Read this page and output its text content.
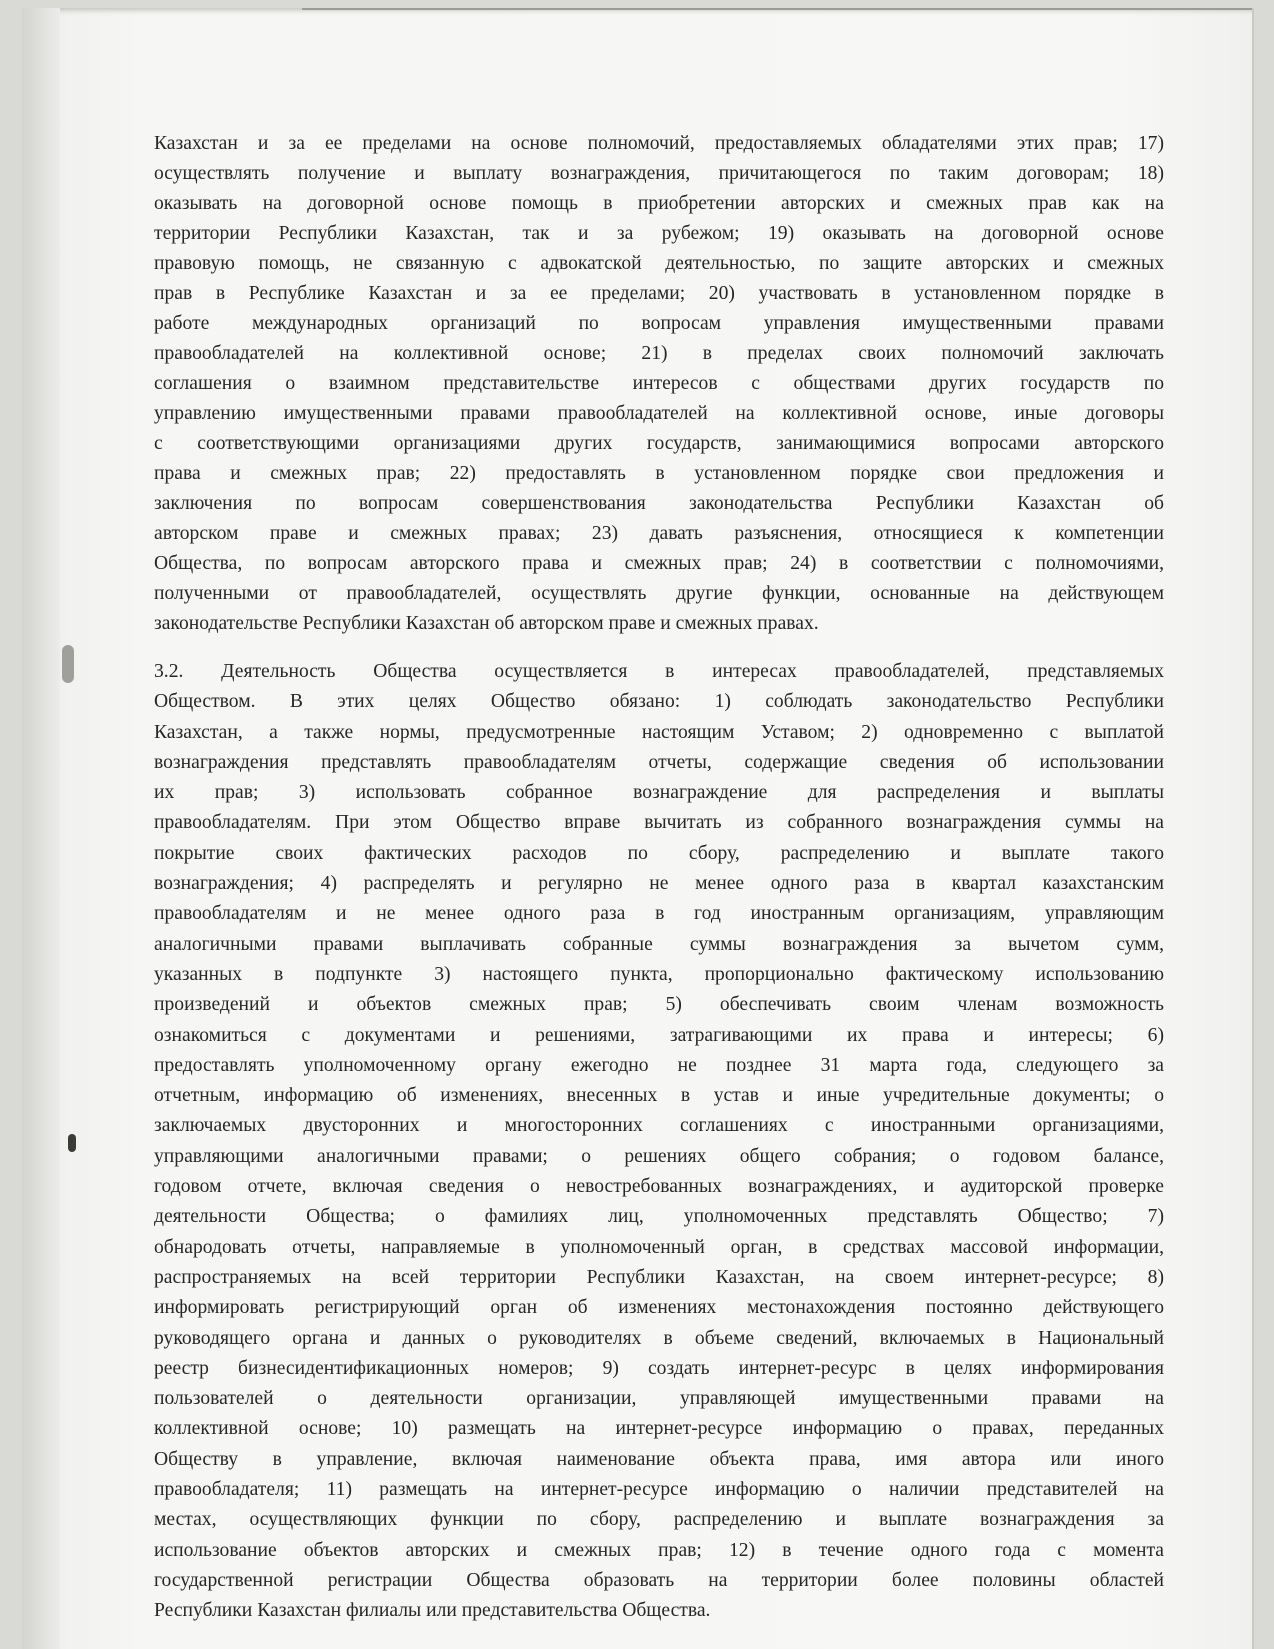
Казахстан и за ее пределами на основе полномочий, предоставляемых обладателями этих прав; 17)
осуществлять получение и выплату вознаграждения, причитающегося по таким договорам; 18)
оказывать на договорной основе помощь в приобретении авторских и смежных прав как на
территории Республики Казахстан, так и за рубежом; 19) оказывать на договорной основе
правовую помощь, не связанную с адвокатской деятельностью, по защите авторских и смежных
прав в Республике Казахстан и за ее пределами; 20) участвовать в установленном порядке в
работе международных организаций по вопросам управления имущественными правами
правообладателей на коллективной основе; 21) в пределах своих полномочий заключать
соглашения о взаимном представительстве интересов с обществами других государств по
управлению имущественными правами правообладателей на коллективной основе, иные договоры
с соответствующими организациями других государств, занимающимися вопросами авторского
права и смежных прав; 22) предоставлять в установленном порядке свои предложения и
заключения по вопросам совершенствования законодательства Республики Казахстан об
авторском праве и смежных правах; 23) давать разъяснения, относящиеся к компетенции
Общества, по вопросам авторского права и смежных прав; 24) в соответствии с полномочиями,
полученными от правообладателей, осуществлять другие функции, основанные на действующем
законодательстве Республики Казахстан об авторском праве и смежных правах.
3.2. Деятельность Общества осуществляется в интересах правообладателей, представляемых
Обществом. В этих целях Общество обязано: 1) соблюдать законодательство Республики
Казахстан, а также нормы, предусмотренные настоящим Уставом; 2) одновременно с выплатой
вознаграждения представлять правообладателям отчеты, содержащие сведения об использовании
их прав; 3) использовать собранное вознаграждение для распределения и выплаты
правообладателям. При этом Общество вправе вычитать из собранного вознаграждения суммы на
покрытие своих фактических расходов по сбору, распределению и выплате такого
вознаграждения; 4) распределять и регулярно не менее одного раза в квартал казахстанским
правообладателям и не менее одного раза в год иностранным организациям, управляющим
аналогичными правами выплачивать собранные суммы вознаграждения за вычетом сумм,
указанных в подпункте 3) настоящего пункта, пропорционально фактическому использованию
произведений и объектов смежных прав; 5) обеспечивать своим членам возможность
ознакомиться с документами и решениями, затрагивающими их права и интересы; 6)
предоставлять уполномоченному органу ежегодно не позднее 31 марта года, следующего за
отчетным, информацию об изменениях, внесенных в устав и иные учредительные документы; о
заключаемых двусторонних и многосторонних соглашениях с иностранными организациями,
управляющими аналогичными правами; о решениях общего собрания; о годовом балансе,
годовом отчете, включая сведения о невостребованных вознаграждениях, и аудиторской проверке
деятельности Общества; о фамилиях лиц, уполномоченных представлять Общество; 7)
обнародовать отчеты, направляемые в уполномоченный орган, в средствах массовой информации,
распространяемых на всей территории Республики Казахстан, на своем интернет-ресурсе; 8)
информировать регистрирующий орган об изменениях местонахождения постоянно действующего
руководящего органа и данных о руководителях в объеме сведений, включаемых в Национальный
реестр бизнесидентификационных номеров; 9) создать интернет-ресурс в целях информирования
пользователей о деятельности организации, управляющей имущественными правами на
коллективной основе; 10) размещать на интернет-ресурсе информацию о правах, переданных
Обществу в управление, включая наименование объекта права, имя автора или иного
правообладателя; 11) размещать на интернет-ресурсе информацию о наличии представителей на
местах, осуществляющих функции по сбору, распределению и выплате вознаграждения за
использование объектов авторских и смежных прав; 12) в течение одного года с момента
государственной регистрации Общества образовать на территории более половины областей
Республики Казахстан филиалы или представительства Общества.
